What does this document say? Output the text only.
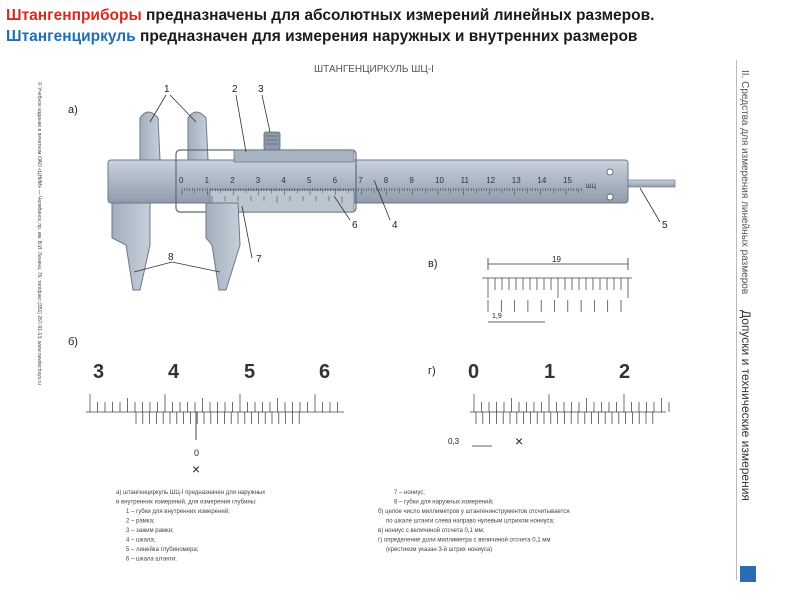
Штангенприборы предназначены для абсолютных измерений линейных размеров. Штангенциркуль предназначен для измерения наружных и внутренних размеров
ШТАНГЕНЦИРКУЛЬ ШЦ-I
II. Средства для измерения линейных размеров
Допуски и технические измерения
© Учебное издание в печатном ОАО «ЦНИИ» — Челябинск, пр. им. В.И. Ленина, 76; тел/факс (351) 267-91-13; www.newtechsys.ru а)
б)
в)
г)
ШЦ
0	1	2	3	4	5	6	7	8	9	10 11 12 13 14 15
1	2 3
4	5
6
7
8	19
1,9
3	4	5	6
0
×
0	1	2
0,3	×
а) штангенциркуль ШЦ-I предназначен для наружных
и внутренних измерений, для измерения глубины:
1 – губки для внутренних измерений;
2 – рамка;
3 – зажим рамки;
4 – шкала;
5 – линейка глубиномера;
6 – шкала штанги;
7 – нониус;
8 – губки для наружных измерений;
б) целое число миллиметров у штангенинструментов отсчитывается
по шкале штанги слева направо нулевым штрихом нониуса;
в) нониус с величиной отсчета 0,1 мм;
г) определение доли миллиметра с величиной отсчета 0,1 мм
(крестиком указан 3-й штрих нониуса)
